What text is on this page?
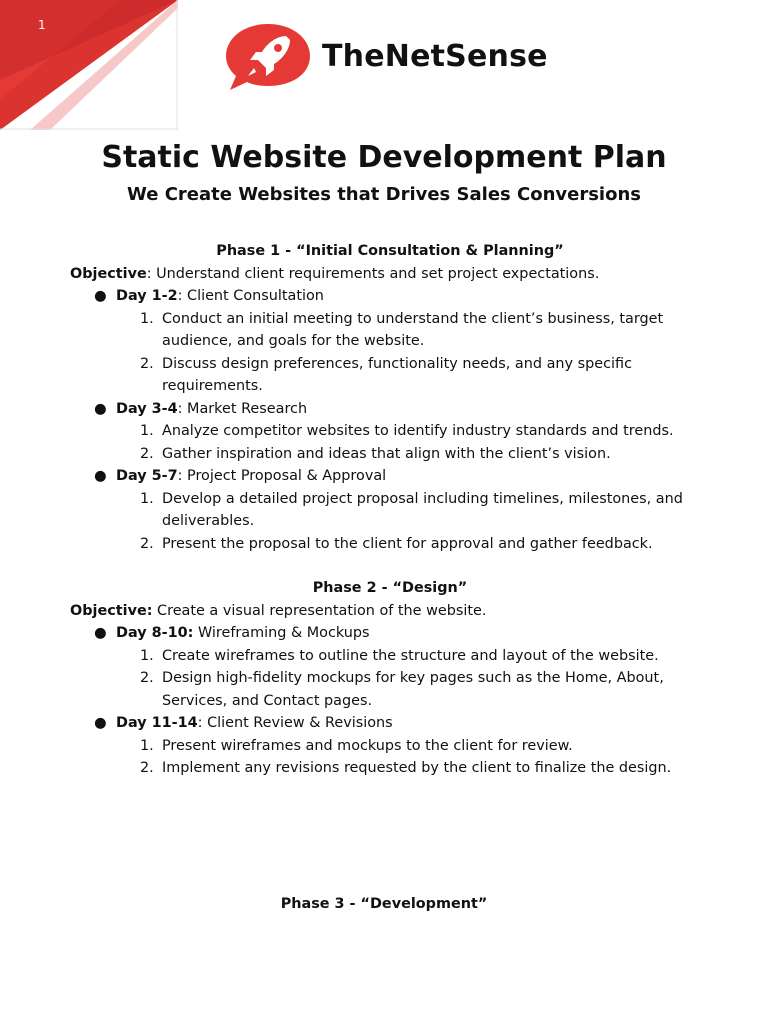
1
TheNetSense
Static Website Development Plan
We Create Websites that Drives Sales Conversions
Phase 1 - “Initial Consultation & Planning”
Objective: Understand client requirements and set project expectations.
● Day 1-2: Client Consultation
1. Conduct an initial meeting to understand the client’s business, target
audience, and goals for the website.
2. Discuss design preferences, functionality needs, and any specific
requirements.
● Day 3-4: Market Research
1. Analyze competitor websites to identify industry standards and trends.
2. Gather inspiration and ideas that align with the client’s vision.
● Day 5-7: Project Proposal & Approval
1. Develop a detailed project proposal including timelines, milestones, and
deliverables.
2. Present the proposal to the client for approval and gather feedback.
Phase 2 - “Design”
Objective: Create a visual representation of the website.
● Day 8-10: Wireframing & Mockups
1. Create wireframes to outline the structure and layout of the website.
2. Design high-fidelity mockups for key pages such as the Home, About,
Services, and Contact pages.
● Day 11-14: Client Review & Revisions
1. Present wireframes and mockups to the client for review.
2. Implement any revisions requested by the client to finalize the design.
Phase 3 - “Development”
